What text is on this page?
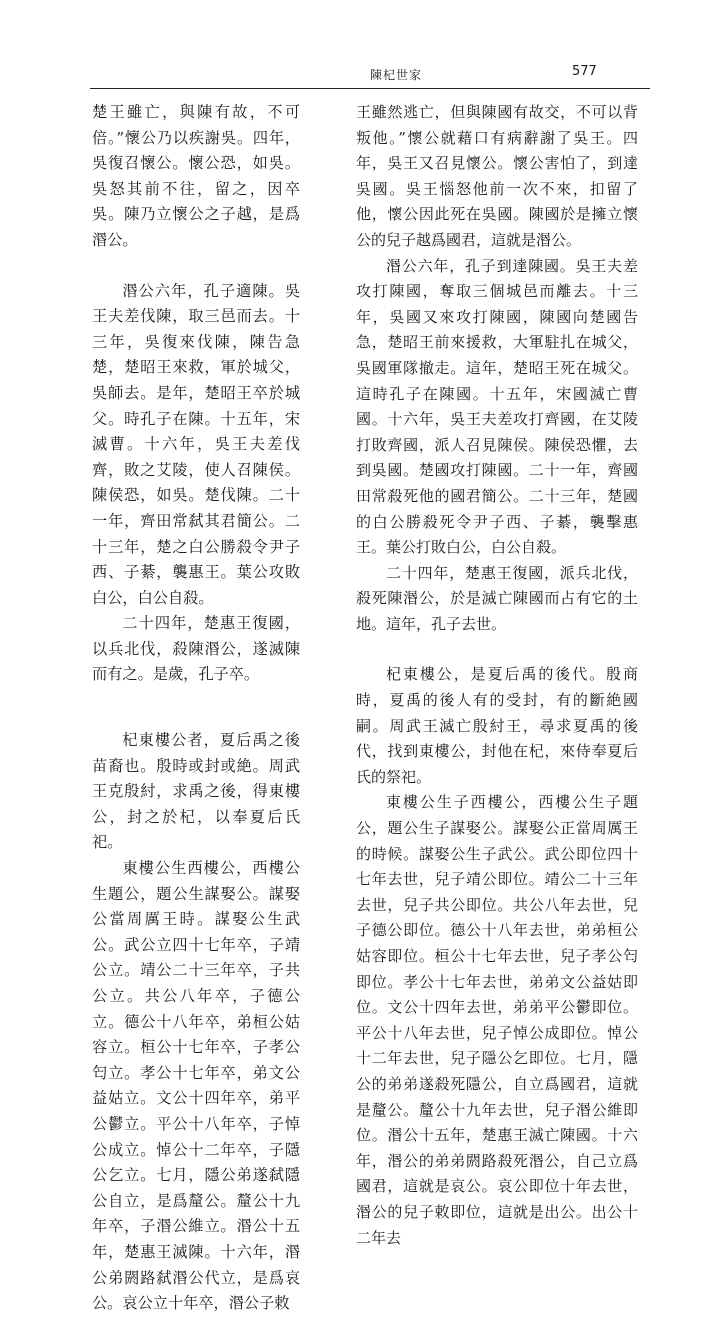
陳杞世家	577

楚王雖亡，與陳有故，不可倍。”懷公乃以疾謝吳。四年，吳復召懷公。懷公恐，如吳。吳怒其前不往，留之，因卒吳。陳乃立懷公之子越，是爲湣公。

湣公六年，孔子適陳。吳王夫差伐陳，取三邑而去。十三年，吳復來伐陳，陳告急楚，楚昭王來救，軍於城父，吳師去。是年，楚昭王卒於城父。時孔子在陳。十五年，宋滅曹。十六年，吳王夫差伐齊，敗之艾陵，使人召陳侯。陳侯恐，如吳。楚伐陳。二十一年，齊田常弑其君簡公。二十三年，楚之白公勝殺令尹子西、子綦，襲惠王。葉公攻敗白公，白公自殺。

二十四年，楚惠王復國，以兵北伐，殺陳湣公，遂滅陳而有之。是歲，孔子卒。

杞東樓公者，夏后禹之後苗裔也。殷時或封或絶。周武王克殷紂，求禹之後，得東樓公，封之於杞，以奉夏后氏祀。

東樓公生西樓公，西樓公生題公，題公生謀娶公。謀娶公當周厲王時。謀娶公生武公。武公立四十七年卒，子靖公立。靖公二十三年卒，子共公立。共公八年卒，子德公立。德公十八年卒，弟桓公姑容立。桓公十七年卒，子孝公匄立。孝公十七年卒，弟文公益姑立。文公十四年卒，弟平公鬱立。平公十八年卒，子悼公成立。悼公十二年卒，子隱公乞立。七月，隱公弟遂弑隱公自立，是爲釐公。釐公十九年卒，子湣公維立。湣公十五年，楚惠王滅陳。十六年，湣公弟閼路弑湣公代立，是爲哀公。哀公立十年卒，湣公子敕

王雖然逃亡，但與陳國有故交，不可以背叛他。”懷公就藉口有病辭謝了吳王。四年，吳王又召見懷公。懷公害怕了，到達吳國。吳王惱怒他前一次不來，扣留了他，懷公因此死在吳國。陳國於是擁立懷公的兒子越爲國君，這就是湣公。

湣公六年，孔子到達陳國。吳王夫差攻打陳國，奪取三個城邑而離去。十三年，吳國又來攻打陳國，陳國向楚國告急，楚昭王前來援救，大軍駐扎在城父，吳國軍隊撤走。這年，楚昭王死在城父。這時孔子在陳國。十五年，宋國滅亡曹國。十六年，吳王夫差攻打齊國，在艾陵打敗齊國，派人召見陳侯。陳侯恐懼，去到吳國。楚國攻打陳國。二十一年，齊國田常殺死他的國君簡公。二十三年，楚國的白公勝殺死令尹子西、子綦，襲擊惠王。葉公打敗白公，白公自殺。

二十四年，楚惠王復國，派兵北伐，殺死陳湣公，於是滅亡陳國而占有它的土地。這年，孔子去世。

杞東樓公，是夏后禹的後代。殷商時，夏禹的後人有的受封，有的斷絶國嗣。周武王滅亡殷紂王，尋求夏禹的後代，找到東樓公，封他在杞，來侍奉夏后氏的祭祀。

東樓公生子西樓公，西樓公生子題公，題公生子謀娶公。謀娶公正當周厲王的時候。謀娶公生子武公。武公即位四十七年去世，兒子靖公即位。靖公二十三年去世，兒子共公即位。共公八年去世，兒子德公即位。德公十八年去世，弟弟桓公姑容即位。桓公十七年去世，兒子孝公匄即位。孝公十七年去世，弟弟文公益姑即位。文公十四年去世，弟弟平公鬱即位。平公十八年去世，兒子悼公成即位。悼公十二年去世，兒子隱公乞即位。七月，隱公的弟弟遂殺死隱公，自立爲國君，這就是釐公。釐公十九年去世，兒子湣公維即位。湣公十五年，楚惠王滅亡陳國。十六年，湣公的弟弟閼路殺死湣公，自己立爲國君，這就是哀公。哀公即位十年去世，湣公的兒子敕即位，這就是出公。出公十二年去
